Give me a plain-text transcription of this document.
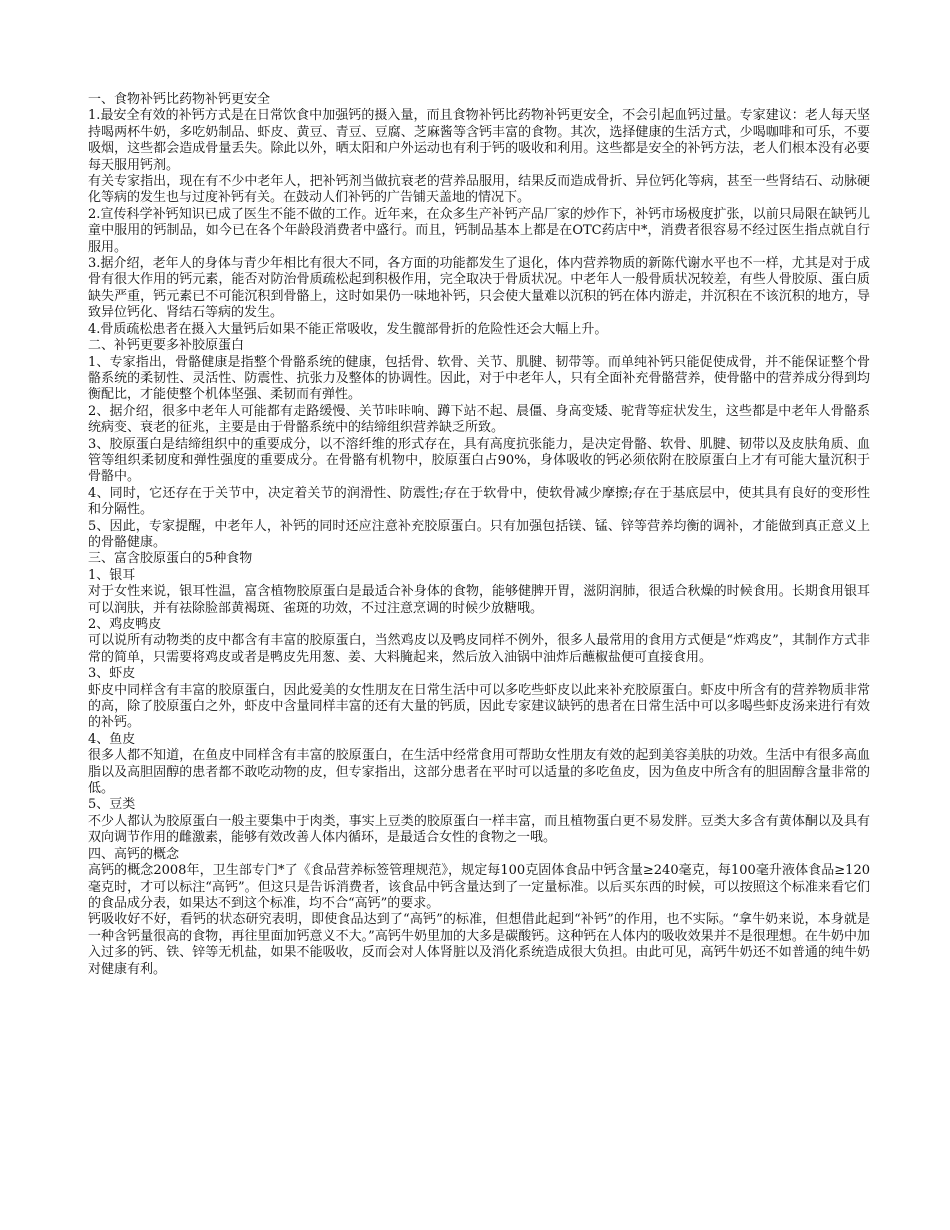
一、食物补钙比药物补钙更安全

1.最安全有效的补钙方式是在日常饮食中加强钙的摄入量，而且食物补钙比药物补钙更安全，不会引起血钙过量。专家建议：老人每天坚持喝两杯牛奶，多吃奶制品、虾皮、黄豆、青豆、豆腐、芝麻酱等含钙丰富的食物。其次，选择健康的生活方式，少喝咖啡和可乐，不要吸烟，这些都会造成骨量丢失。除此以外，晒太阳和户外运动也有利于钙的吸收和利用。这些都是安全的补钙方法，老人们根本没有必要每天服用钙剂。

有关专家指出，现在有不少中老年人，把补钙剂当做抗衰老的营养品服用，结果反而造成骨折、异位钙化等病，甚至一些肾结石、动脉硬化等病的发生也与过度补钙有关。在鼓动人们补钙的广告铺天盖地的情况下。

2.宣传科学补钙知识已成了医生不能不做的工作。近年来，在众多生产补钙产品厂家的炒作下，补钙市场极度扩张，以前只局限在缺钙儿童中服用的钙制品，如今已在各个年龄段消费者中盛行。而且，钙制品基本上都是在OTC药店中*，消费者很容易不经过医生指点就自行服用。

3.据介绍，老年人的身体与青少年相比有很大不同，各方面的功能都发生了退化，体内营养物质的新陈代谢水平也不一样，尤其是对于成骨有很大作用的钙元素，能否对防治骨质疏松起到积极作用，完全取决于骨质状况。中老年人一般骨质状况较差，有些人骨胶原、蛋白质缺失严重，钙元素已不可能沉积到骨骼上，这时如果仍一味地补钙，只会使大量难以沉积的钙在体内游走，并沉积在不该沉积的地方，导致异位钙化、肾结石等病的发生。

4.骨质疏松患者在摄入大量钙后如果不能正常吸收，发生髋部骨折的危险性还会大幅上升。

二、补钙更要多补胶原蛋白

1、专家指出，骨骼健康是指整个骨骼系统的健康，包括骨、软骨、关节、肌腱、韧带等。而单纯补钙只能促使成骨，并不能保证整个骨骼系统的柔韧性、灵活性、防震性、抗张力及整体的协调性。因此，对于中老年人，只有全面补充骨骼营养，使骨骼中的营养成分得到均衡配比，才能使整个机体坚强、柔韧而有弹性。

2、据介绍，很多中老年人可能都有走路缓慢、关节咔咔响、蹲下站不起、晨僵、身高变矮、驼背等症状发生，这些都是中老年人骨骼系统病变、衰老的征兆，主要是由于骨骼系统中的结缔组织营养缺乏所致。

3、胶原蛋白是结缔组织中的重要成分，以不溶纤维的形式存在，具有高度抗张能力，是决定骨骼、软骨、肌腱、韧带以及皮肤角质、血管等组织柔韧度和弹性强度的重要成分。在骨骼有机物中，胶原蛋白占90%，身体吸收的钙必须依附在胶原蛋白上才有可能大量沉积于骨骼中。

4、同时，它还存在于关节中，决定着关节的润滑性、防震性;存在于软骨中，使软骨减少摩擦;存在于基底层中，使其具有良好的变形性和分隔性。

5、因此，专家提醒，中老年人，补钙的同时还应注意补充胶原蛋白。只有加强包括镁、锰、锌等营养均衡的调补，才能做到真正意义上的骨骼健康。

三、富含胶原蛋白的5种食物

1、银耳

对于女性来说，银耳性温，富含植物胶原蛋白是最适合补身体的食物，能够健脾开胃，滋阴润肺，很适合秋燥的时候食用。长期食用银耳可以润肤，并有祛除脸部黄褐斑、雀斑的功效，不过注意烹调的时候少放糖哦。

2、鸡皮鸭皮

可以说所有动物类的皮中都含有丰富的胶原蛋白，当然鸡皮以及鸭皮同样不例外，很多人最常用的食用方式便是“炸鸡皮”，其制作方式非常的简单，只需要将鸡皮或者是鸭皮先用葱、姜、大料腌起来，然后放入油锅中油炸后蘸椒盐便可直接食用。

3、虾皮

虾皮中同样含有丰富的胶原蛋白，因此爱美的女性朋友在日常生活中可以多吃些虾皮以此来补充胶原蛋白。虾皮中所含有的营养物质非常的高，除了胶原蛋白之外，虾皮中含量同样丰富的还有大量的钙质，因此专家建议缺钙的患者在日常生活中可以多喝些虾皮汤来进行有效的补钙。

4、鱼皮

很多人都不知道，在鱼皮中同样含有丰富的胶原蛋白，在生活中经常食用可帮助女性朋友有效的起到美容美肤的功效。生活中有很多高血脂以及高胆固醇的患者都不敢吃动物的皮，但专家指出，这部分患者在平时可以适量的多吃鱼皮，因为鱼皮中所含有的胆固醇含量非常的低。

5、豆类

不少人都认为胶原蛋白一般主要集中于肉类，事实上豆类的胶原蛋白一样丰富，而且植物蛋白更不易发胖。豆类大多含有黄体酮以及具有双向调节作用的雌激素，能够有效改善人体内循环，是最适合女性的食物之一哦。

四、高钙的概念

高钙的概念2008年，卫生部专门*了《食品营养标签管理规范》，规定每100克固体食品中钙含量≥240毫克，每100毫升液体食品≥120毫克时，才可以标注“高钙”。但这只是告诉消费者，该食品中钙含量达到了一定量标准。以后买东西的时候，可以按照这个标准来看它们的食品成分表，如果达不到这个标准，均不合“高钙”的要求。

钙吸收好不好，看钙的状态研究表明，即使食品达到了“高钙”的标准，但想借此起到“补钙”的作用，也不实际。“拿牛奶来说，本身就是一种含钙量很高的食物，再往里面加钙意义不大。”高钙牛奶里加的大多是碳酸钙。这种钙在人体内的吸收效果并不是很理想。在牛奶中加入过多的钙、铁、锌等无机盐，如果不能吸收，反而会对人体肾脏以及消化系统造成很大负担。由此可见，高钙牛奶还不如普通的纯牛奶对健康有利。
